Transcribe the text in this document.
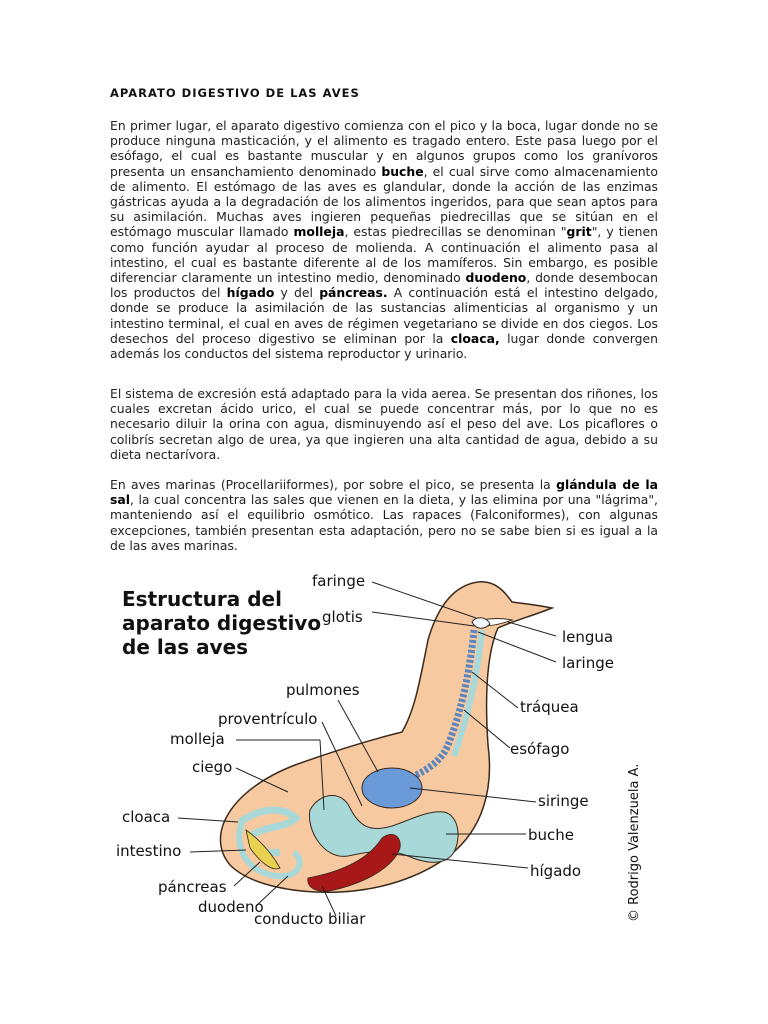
APARATO DIGESTIVO DE LAS AVES

En primer lugar, el aparato digestivo comienza con el pico y la boca, lugar donde no se produce ninguna masticación, y el alimento es tragado entero. Este pasa luego por el esófago, el cual es bastante muscular y en algunos grupos como los granívoros presenta un ensanchamiento denominado buche, el cual sirve como almacenamiento de alimento. El estómago de las aves es glandular, donde la acción de las enzimas gástricas ayuda a la degradación de los alimentos ingeridos, para que sean aptos para su asimilación. Muchas aves ingieren pequeñas piedrecillas que se sitúan en el estómago muscular llamado molleja, estas piedrecillas se denominan "grit", y tienen como función ayudar al proceso de molienda. A continuación el alimento pasa al intestino, el cual es bastante diferente al de los mamíferos. Sin embargo, es posible diferenciar claramente un intestino medio, denominado duodeno, donde desembocan los productos del hígado y del páncreas. A continuación está el intestino delgado, donde se produce la asimilación de las sustancias alimenticias al organismo y un intestino terminal, el cual en aves de régimen vegetariano se divide en dos ciegos. Los desechos del proceso digestivo se eliminan por la cloaca, lugar donde convergen además los conductos del sistema reproductor y urinario.

El sistema de excresión está adaptado para la vida aerea. Se presentan dos riñones, los cuales excretan ácido urico, el cual se puede concentrar más, por lo que no es necesario diluir la orina con agua, disminuyendo así el peso del ave. Los picaflores o colibrís secretan algo de urea, ya que ingieren una alta cantidad de agua, debido a su dieta nectarívora.

En aves marinas (Procellariiformes), por sobre el pico, se presenta la glándula de la sal, la cual concentra las sales que vienen en la dieta, y las elimina por una "lágrima", manteniendo así el equilibrio osmótico. Las rapaces (Falconiformes), con algunas excepciones, también presentan esta adaptación, pero no se sabe bien si es igual a la de las aves marinas.

Estructura del
aparato digestivo
de las aves
faringe
glotis
lengua
laringe
tráquea
esófago
pulmones
proventrículo
molleja
ciego
cloaca
intestino
páncreas
duodeno
conducto biliar
siringe
buche
hígado	© Rodrigo Valenzuela A.
